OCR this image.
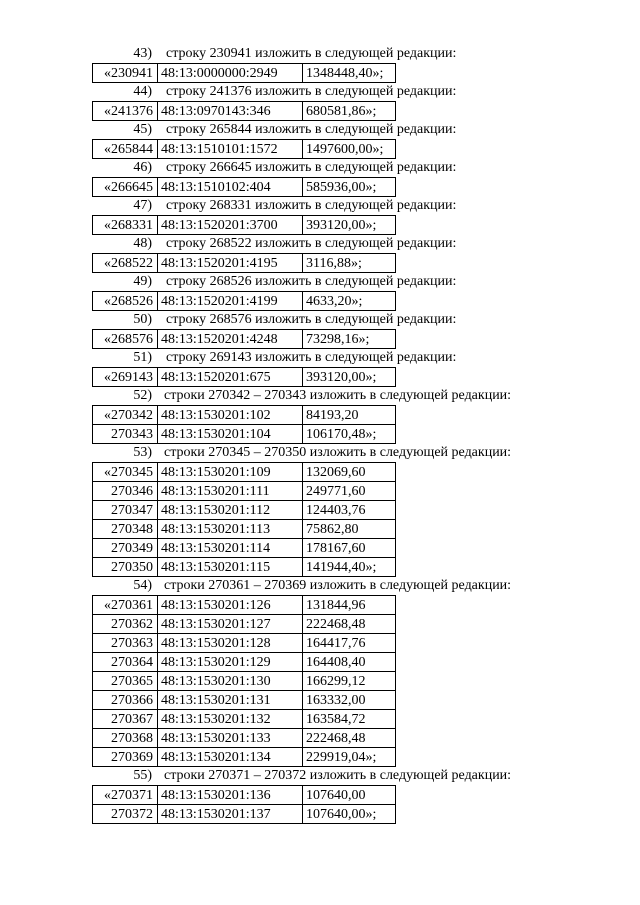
43) строку 230941 изложить в следующей редакции:
«230941	48:13:0000000:2949	1348448,40»;
44) строку 241376 изложить в следующей редакции:
«241376	48:13:0970143:346	680581,86»;
45) строку 265844 изложить в следующей редакции:
«265844	48:13:1510101:1572	1497600,00»;
46) строку 266645 изложить в следующей редакции:
«266645	48:13:1510102:404	585936,00»;
47) строку 268331 изложить в следующей редакции:
«268331	48:13:1520201:3700	393120,00»;
48) строку 268522 изложить в следующей редакции:
«268522	48:13:1520201:4195	3116,88»;
49) строку 268526 изложить в следующей редакции:
«268526	48:13:1520201:4199	4633,20»;
50) строку 268576 изложить в следующей редакции:
«268576	48:13:1520201:4248	73298,16»;
51) строку 269143 изложить в следующей редакции:
«269143	48:13:1520201:675	393120,00»;
52) строки 270342 – 270343 изложить в следующей редакции:
«270342	48:13:1530201:102	84193,20
270343	48:13:1530201:104	106170,48»;
53) строки 270345 – 270350 изложить в следующей редакции:
«270345	48:13:1530201:109	132069,60
270346	48:13:1530201:111	249771,60
270347	48:13:1530201:112	124403,76
270348	48:13:1530201:113	75862,80
270349	48:13:1530201:114	178167,60
270350	48:13:1530201:115	141944,40»;
54) строки 270361 – 270369 изложить в следующей редакции:
«270361	48:13:1530201:126	131844,96
270362	48:13:1530201:127	222468,48
270363	48:13:1530201:128	164417,76
270364	48:13:1530201:129	164408,40
270365	48:13:1530201:130	166299,12
270366	48:13:1530201:131	163332,00
270367	48:13:1530201:132	163584,72
270368	48:13:1530201:133	222468,48
270369	48:13:1530201:134	229919,04»;
55) строки 270371 – 270372 изложить в следующей редакции:
«270371	48:13:1530201:136	107640,00
270372	48:13:1530201:137	107640,00»;
